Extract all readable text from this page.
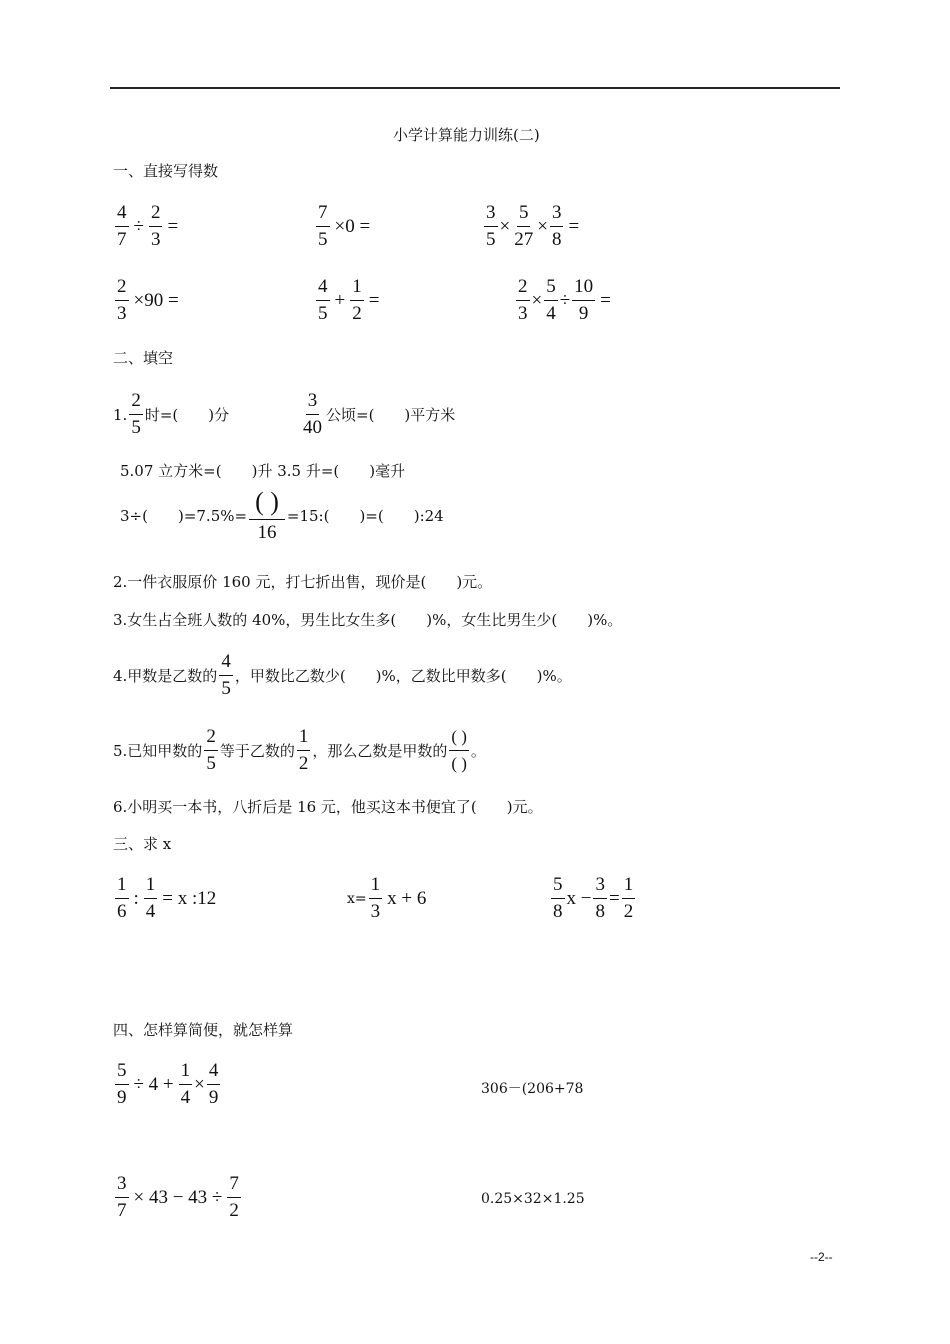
小学计算能力训练(二)
一、直接写得数
$\frac{4}{7} \div \frac{2}{3}$ =	$\frac{7}{5} \times 0$ =	$\frac{3}{5} \times \frac{5}{27} \times \frac{3}{8}$ =
$\frac{2}{3} \times 90$ =	$\frac{4}{5} + \frac{1}{2}$ =	$\frac{2}{3} \times \frac{5}{4} \div \frac{10}{9}$ =
二、填空
1. $\frac{2}{5}$ 时=(　　)分	$\frac{3}{40}$ 公顷=(　　)平方米
5.07 立方米=(　　)升 3.5 升=(　　)毫升
3÷(　　)$=7.5\%= \frac{( )}{16}$ =15:(　　)=(　　):24
2.一件衣服原价 160 元，打七折出售，现价是(　　)元。
3.女生占全班人数的 40%，男生比女生多(　　)%，女生比男生少(　　)%。
4.甲数是乙数的 $\frac{4}{5}$ ，甲数比乙数少(　　)%，乙数比甲数多(　　)%。
5.已知甲数的 $\frac{2}{5}$ 等于乙数的 $\frac{1}{2}$ ，那么乙数是甲数的 $\frac{( )}{( )}$ 。
6.小明买一本书，八折后是 16 元，他买这本书便宜了(　　)元。
三、求 x
$\frac{1}{6}$ : $\frac{1}{4} = x$ :12	$x= \frac{1}{3}$ x + 6	$\frac{5}{8}$ $x - \frac{3}{8} = \frac{1}{2}$
四、怎样算简便，就怎样算
$\frac{5}{9} \div 4 + \frac{1}{4} \times \frac{4}{9}$	306－(206+78
$\frac{3}{7} \times 43 - 43 \div \frac{7}{2}$	0.25×32×1.25
--2--
